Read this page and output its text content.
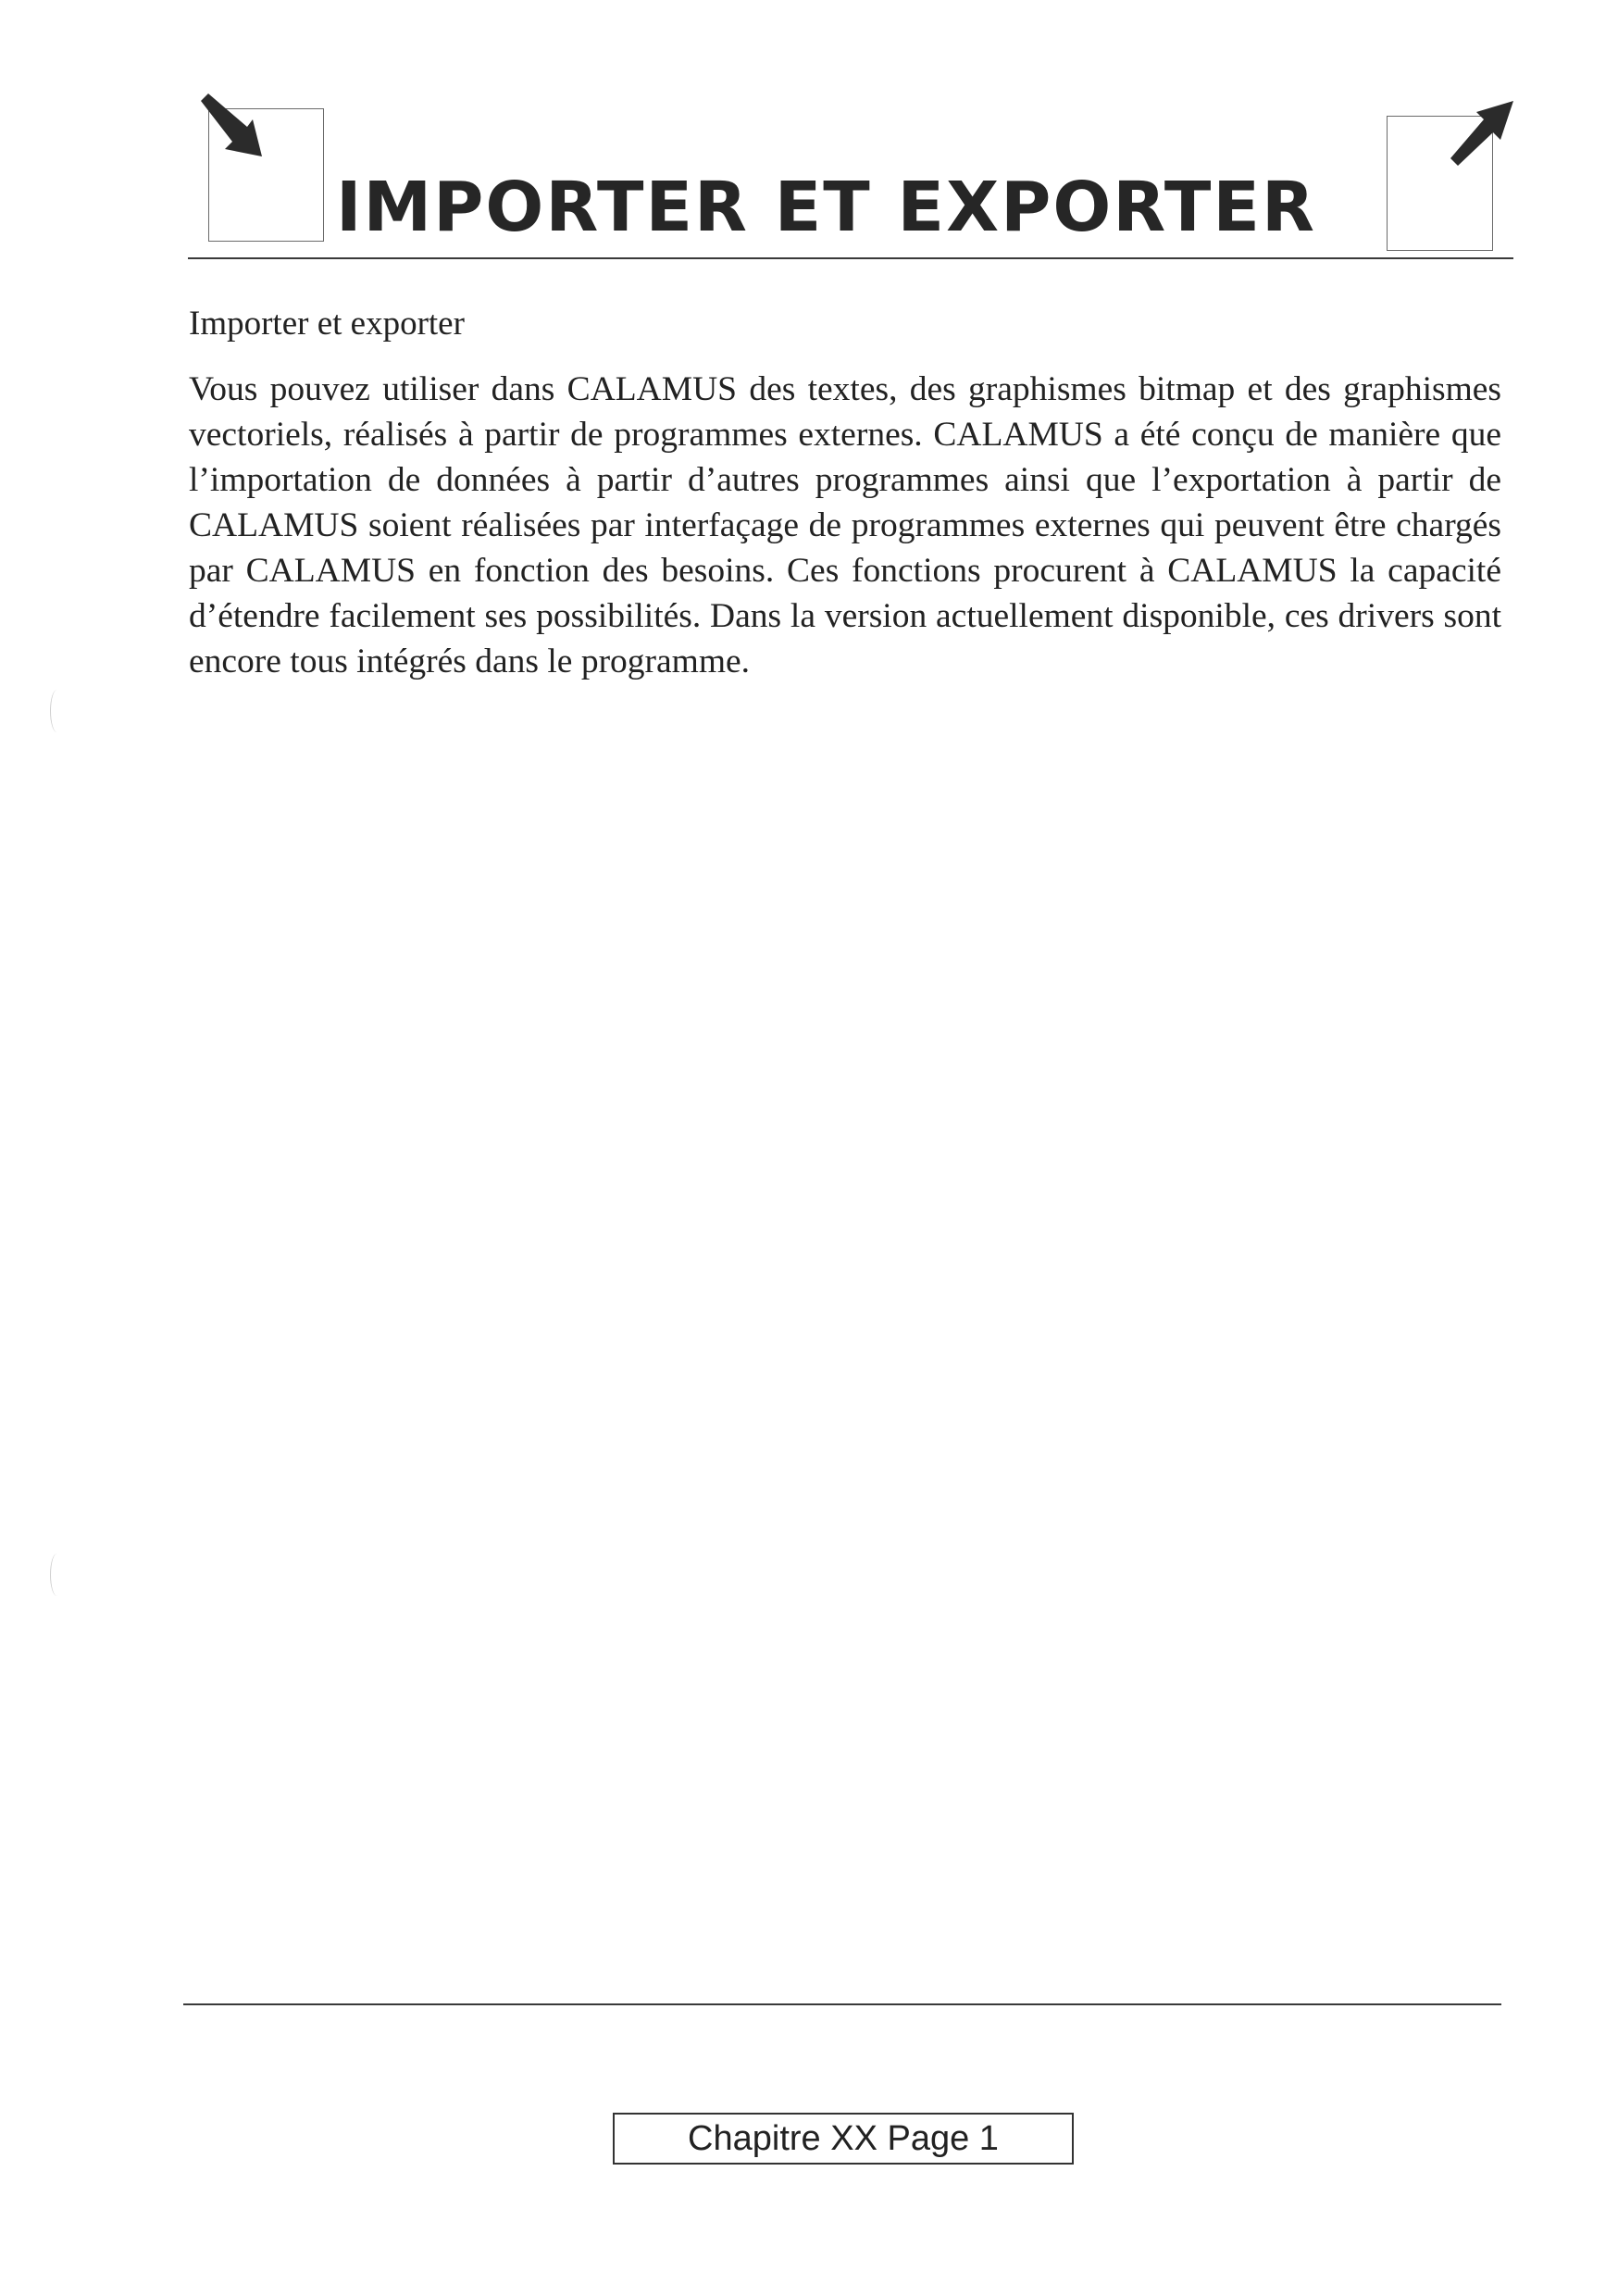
IMPORTER ET EXPORTER
Importer et exporter

Vous pouvez utiliser dans CALAMUS des textes, des graphismes bitmap et des graphismes vectoriels, réalisés à partir de programmes externes. CALAMUS a été conçu de manière que l’importation de données à partir d’autres programmes ainsi que l’exportation à partir de CALAMUS soient réalisées par interfaçage de programmes externes qui peuvent être chargés par CALAMUS en fonction des besoins. Ces fonctions procurent à CALAMUS la capacité d’étendre facilement ses possibilités. Dans la version actuellement disponible, ces drivers sont encore tous intégrés dans le programme.

Chapitre XX Page 1
